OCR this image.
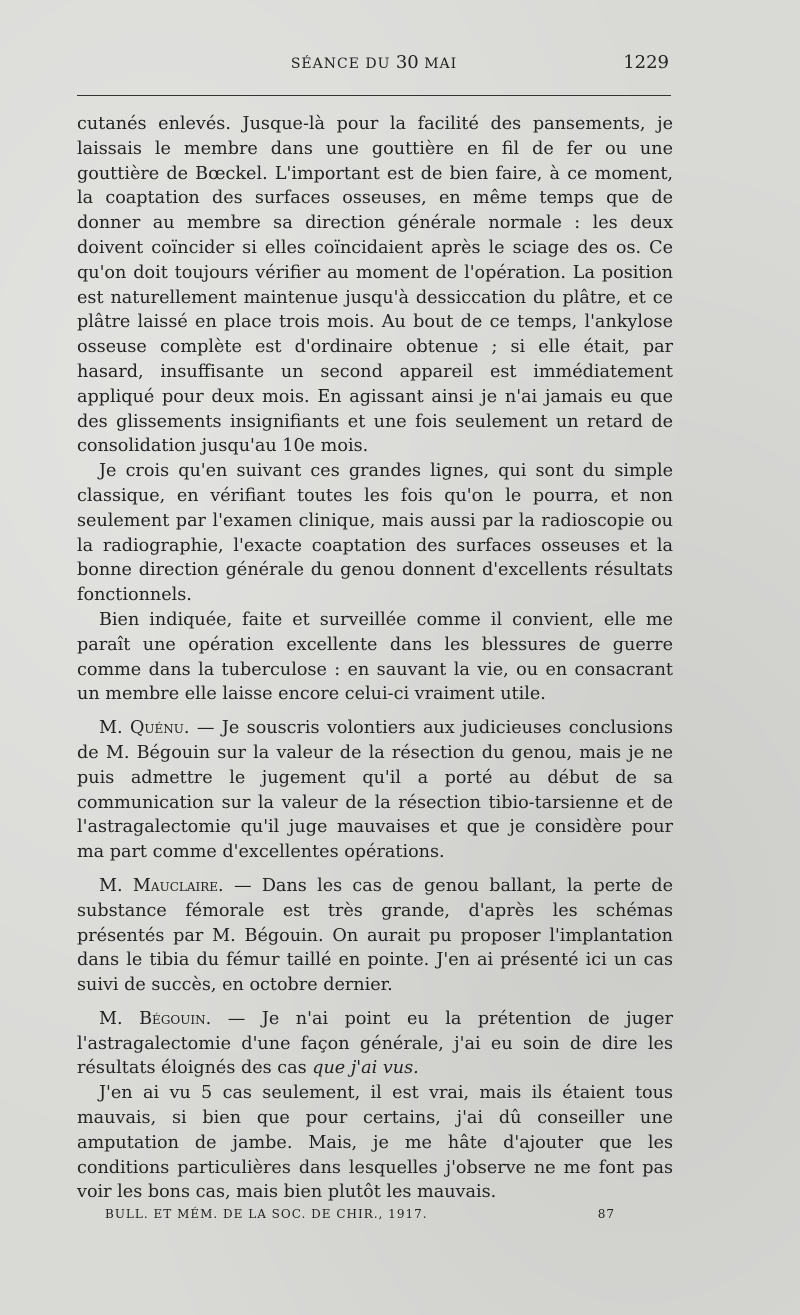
SÉANCE DU 30 MAI	1229

cutanés enlevés. Jusque-là pour la facilité des pansements, je laissais le membre dans une gouttière en fil de fer ou une gouttière de Bœckel. L'important est de bien faire, à ce moment, la coaptation des surfaces osseuses, en même temps que de donner au membre sa direction générale normale : les deux doivent coïncider si elles coïncidaient après le sciage des os. Ce qu'on doit toujours vérifier au moment de l'opération. La position est naturellement maintenue jusqu'à dessiccation du plâtre, et ce plâtre laissé en place trois mois. Au bout de ce temps, l'ankylose osseuse complète est d'ordinaire obtenue ; si elle était, par hasard, insuffisante un second appareil est immédiatement appliqué pour deux mois. En agissant ainsi je n'ai jamais eu que des glissements insignifiants et une fois seulement un retard de consolidation jusqu'au 10e mois.

Je crois qu'en suivant ces grandes lignes, qui sont du simple classique, en vérifiant toutes les fois qu'on le pourra, et non seulement par l'examen clinique, mais aussi par la radioscopie ou la radiographie, l'exacte coaptation des surfaces osseuses et la bonne direction générale du genou donnent d'excellents résultats fonctionnels.

Bien indiquée, faite et surveillée comme il convient, elle me paraît une opération excellente dans les blessures de guerre comme dans la tuberculose : en sauvant la vie, ou en consacrant un membre elle laisse encore celui-ci vraiment utile.

M. Quénu. — Je souscris volontiers aux judicieuses conclusions de M. Bégouin sur la valeur de la résection du genou, mais je ne puis admettre le jugement qu'il a porté au début de sa communication sur la valeur de la résection tibio-tarsienne et de l'astragalectomie qu'il juge mauvaises et que je considère pour ma part comme d'excellentes opérations.

M. Mauclaire. — Dans les cas de genou ballant, la perte de substance fémorale est très grande, d'après les schémas présentés par M. Bégouin. On aurait pu proposer l'implantation dans le tibia du fémur taillé en pointe. J'en ai présenté ici un cas suivi de succès, en octobre dernier.

M. Bégouin. — Je n'ai point eu la prétention de juger l'astragalectomie d'une façon générale, j'ai eu soin de dire les résultats éloignés des cas que j'ai vus.

J'en ai vu 5 cas seulement, il est vrai, mais ils étaient tous mauvais, si bien que pour certains, j'ai dû conseiller une amputation de jambe. Mais, je me hâte d'ajouter que les conditions particulières dans lesquelles j'observe ne me font pas voir les bons cas, mais bien plutôt les mauvais.

BULL. ET MÉM. DE LA SOC. DE CHIR., 1917.	87
